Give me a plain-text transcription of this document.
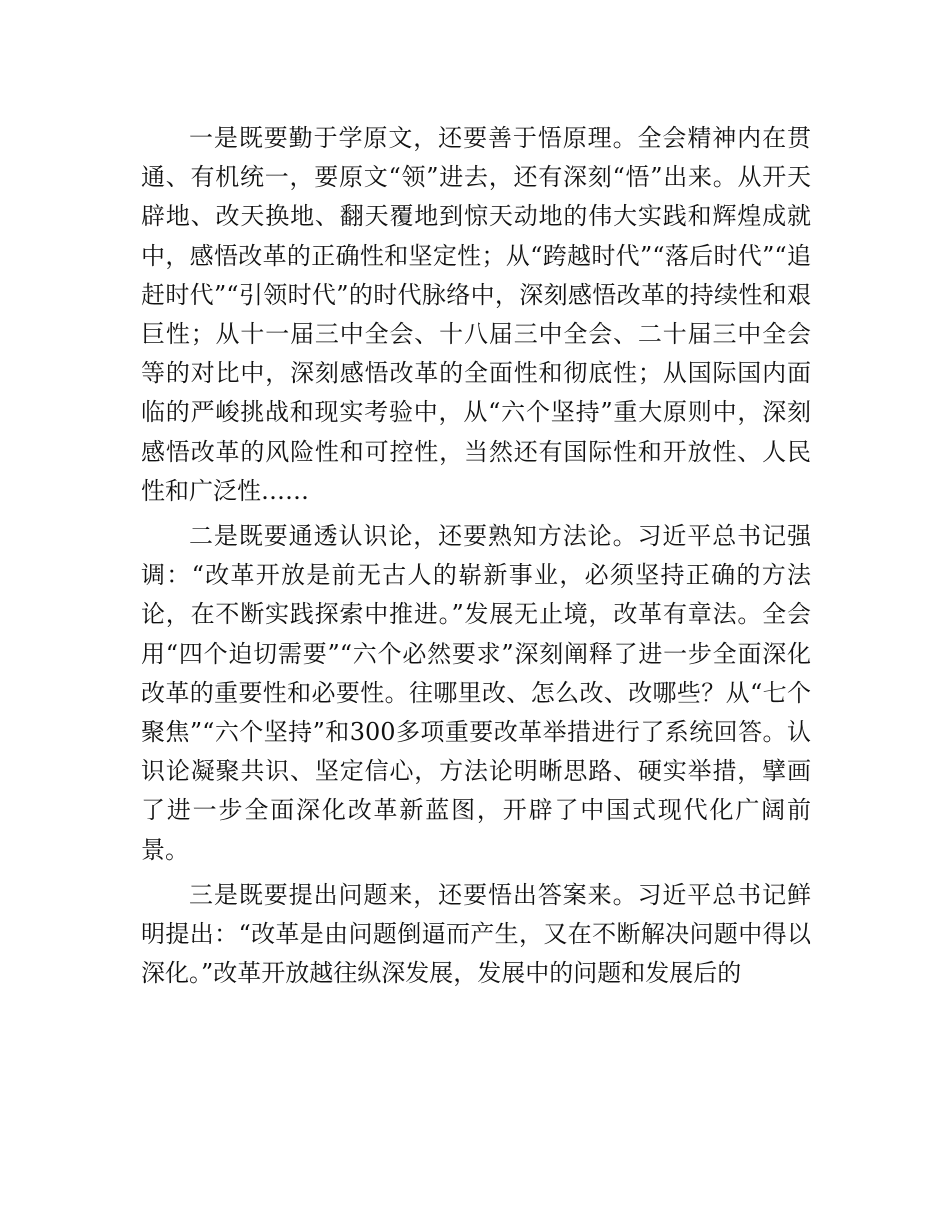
一是既要勤于学原文，还要善于悟原理。全会精神内在贯通、有机统一，要原文“领”进去，还有深刻“悟”出来。从开天辟地、改天换地、翻天覆地到惊天动地的伟大实践和辉煌成就中，感悟改革的正确性和坚定性；从“跨越时代”“落后时代”“追赶时代”“引领时代”的时代脉络中，深刻感悟改革的持续性和艰巨性；从十一届三中全会、十八届三中全会、二十届三中全会等的对比中，深刻感悟改革的全面性和彻底性；从国际国内面临的严峻挑战和现实考验中，从“六个坚持”重大原则中，深刻感悟改革的风险性和可控性，当然还有国际性和开放性、人民性和广泛性……

二是既要通透认识论，还要熟知方法论。习近平总书记强调：“改革开放是前无古人的崭新事业，必须坚持正确的方法论，在不断实践探索中推进。”发展无止境，改革有章法。全会用“四个迫切需要”“六个必然要求”深刻阐释了进一步全面深化改革的重要性和必要性。往哪里改、怎么改、改哪些？从“七个聚焦”“六个坚持”和300多项重要改革举措进行了系统回答。认识论凝聚共识、坚定信心，方法论明晰思路、硬实举措，擘画了进一步全面深化改革新蓝图，开辟了中国式现代化广阔前景。

三是既要提出问题来，还要悟出答案来。习近平总书记鲜明提出：“改革是由问题倒逼而产生，又在不断解决问题中得以深化。”改革开放越往纵深发展，发展中的问题和发展后的
